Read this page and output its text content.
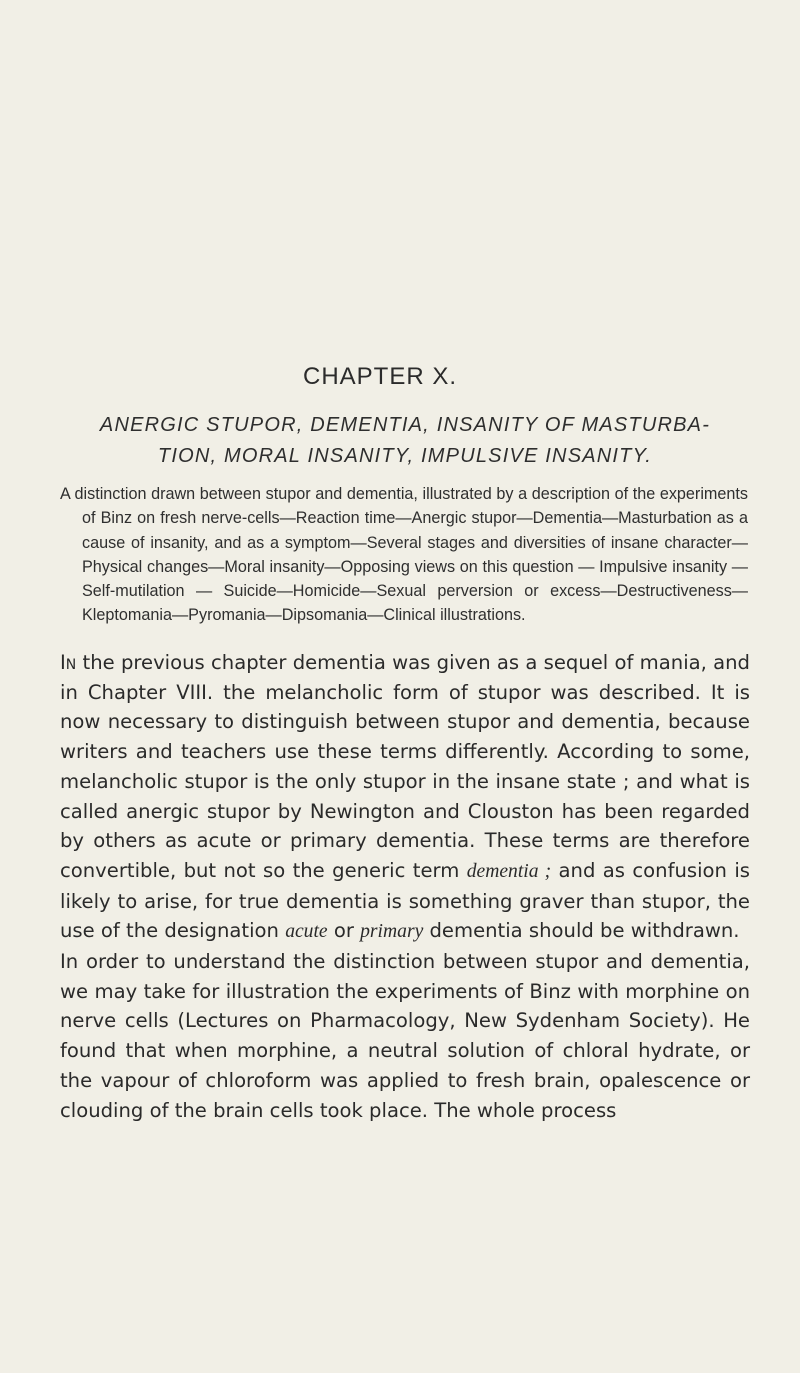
CHAPTER X.
ANERGIC STUPOR, DEMENTIA, INSANITY OF MASTURBA-
TION, MORAL INSANITY, IMPULSIVE INSANITY.
A distinction drawn between stupor and dementia, illustrated by a description of the experiments of Binz on fresh nerve-cells—Reaction time—Anergic stupor—Dementia—Masturbation as a cause of insanity, and as a symptom—Several stages and diversities of insane character—Physical changes—Moral insanity—Opposing views on this question — Impulsive insanity — Self-mutilation — Suicide—Homicide—Sexual perversion or excess—Destructiveness—Kleptomania—Pyromania—Dipsomania—Clinical illustrations.

In the previous chapter dementia was given as a sequel of mania, and in Chapter VIII. the melancholic form of stupor was described. It is now necessary to distinguish between stupor and dementia, because writers and teachers use these terms differently. According to some, melancholic stupor is the only stupor in the insane state ; and what is called anergic stupor by Newington and Clouston has been regarded by others as acute or primary dementia. These terms are therefore convertible, but not so the generic term dementia ; and as confusion is likely to arise, for true dementia is something graver than stupor, the use of the designation acute or primary dementia should be withdrawn.

In order to understand the distinction between stupor and dementia, we may take for illustration the experiments of Binz with morphine on nerve cells (Lectures on Pharmacology, New Sydenham Society). He found that when morphine, a neutral solution of chloral hydrate, or the vapour of chloroform was applied to fresh brain, opalescence or clouding of the brain cells took place. The whole process
